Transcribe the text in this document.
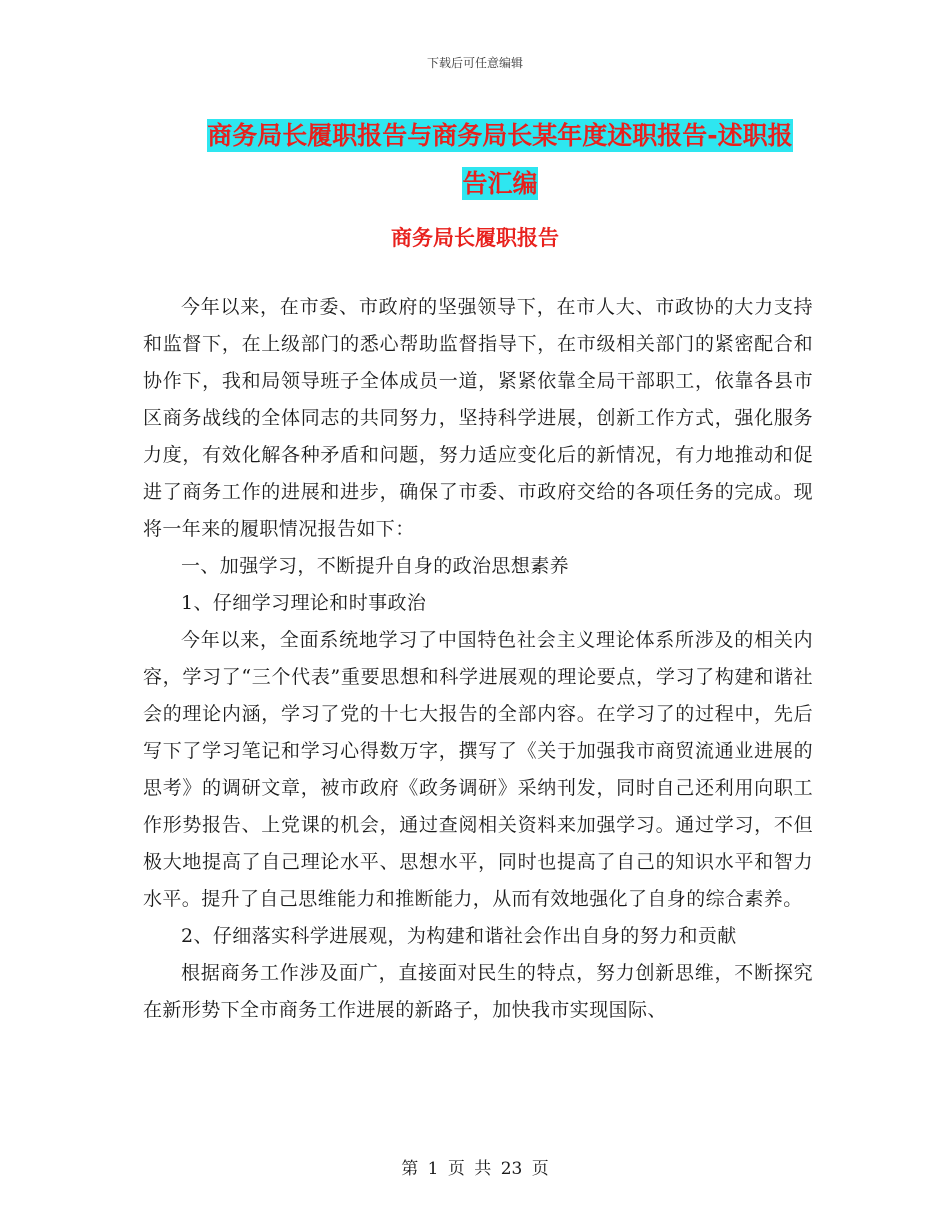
下载后可任意编辑
商务局长履职报告与商务局长某年度述职报告-述职报
告汇编
商务局长履职报告

今年以来，在市委、市政府的坚强领导下，在市人大、市政协的大力支持和监督下，在上级部门的悉心帮助监督指导下，在市级相关部门的紧密配合和协作下，我和局领导班子全体成员一道，紧紧依靠全局干部职工，依靠各县市区商务战线的全体同志的共同努力，坚持科学进展，创新工作方式，强化服务力度，有效化解各种矛盾和问题，努力适应变化后的新情况，有力地推动和促进了商务工作的进展和进步，确保了市委、市政府交给的各项任务的完成。现将一年来的履职情况报告如下：

一、加强学习，不断提升自身的政治思想素养

1、仔细学习理论和时事政治

今年以来，全面系统地学习了中国特色社会主义理论体系所涉及的相关内容，学习了“三个代表”重要思想和科学进展观的理论要点，学习了构建和谐社会的理论内涵，学习了党的十七大报告的全部内容。在学习了的过程中，先后写下了学习笔记和学习心得数万字，撰写了《关于加强我市商贸流通业进展的思考》的调研文章，被市政府《政务调研》采纳刊发，同时自己还利用向职工作形势报告、上党课的机会，通过查阅相关资料来加强学习。通过学习，不但极大地提高了自己理论水平、思想水平，同时也提高了自己的知识水平和智力水平。提升了自己思维能力和推断能力，从而有效地强化了自身的综合素养。

2、仔细落实科学进展观，为构建和谐社会作出自身的努力和贡献

根据商务工作涉及面广，直接面对民生的特点，努力创新思维，不断探究在新形势下全市商务工作进展的新路子，加快我市实现国际、

第 1 页 共 23 页
